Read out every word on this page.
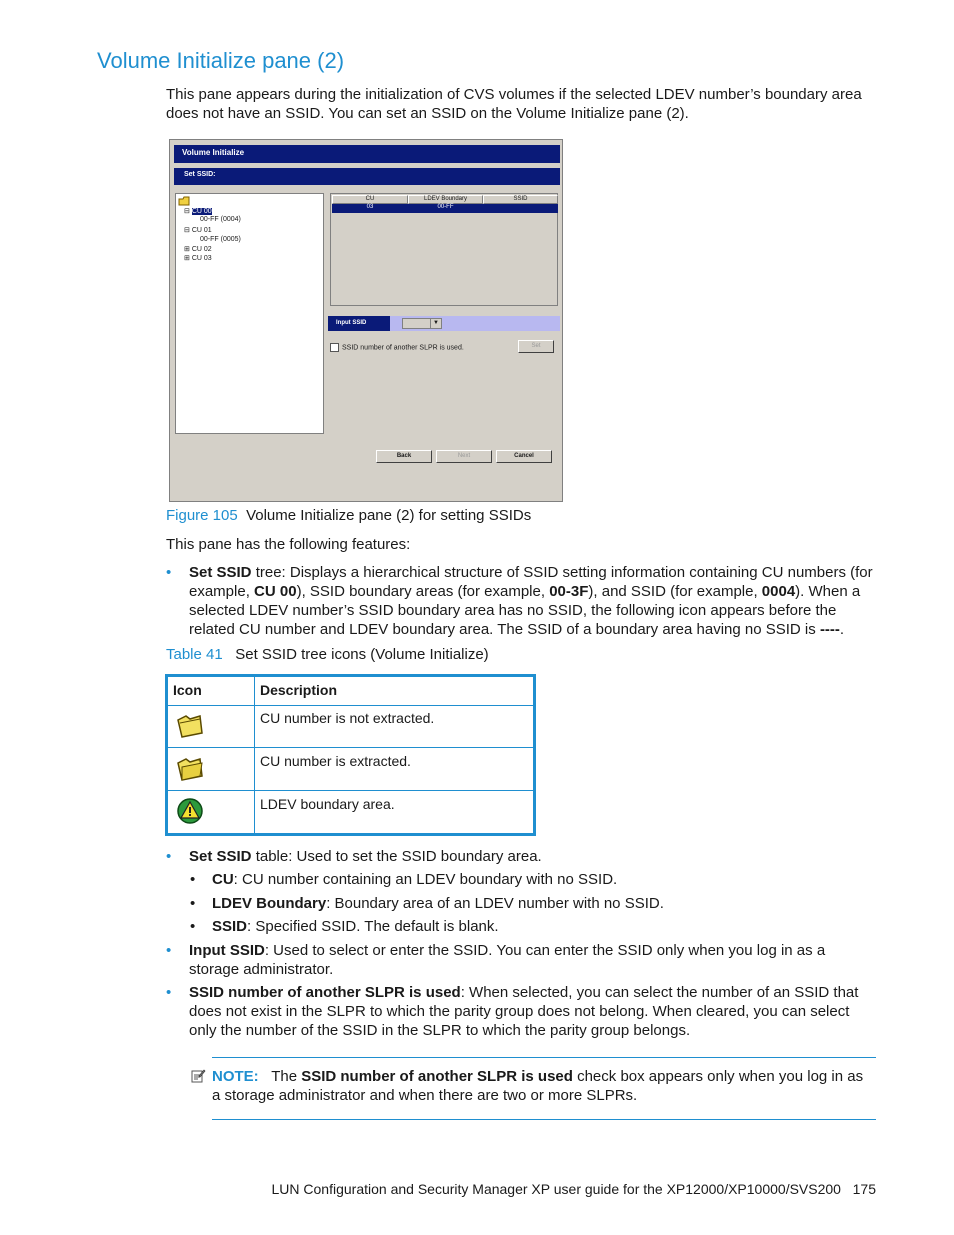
Volume Initialize pane (2)
This pane appears during the initialization of CVS volumes if the selected LDEV number’s boundary area does not have an SSID. You can set an SSID on the Volume Initialize pane (2).
Volume Initialize
Set SSID:
⊟ CU 00
00-FF (0004)
⊟ CU 01
00-FF (0005)
⊞ CU 02
⊞ CU 03
CU	LDEV Boundary	SSID
03	00-FF
Input SSID	▼
SSID number of another SLPR is used.	Set
Back	Next	Cancel
Figure 105 Volume Initialize pane (2) for setting SSIDs
This pane has the following features:
• Set SSID tree: Displays a hierarchical structure of SSID setting information containing CU numbers (for example, CU 00), SSID boundary areas (for example, 00-3F), and SSID (for example, 0004). When a selected LDEV number’s SSID boundary area has no SSID, the following icon appears before the related CU number and LDEV boundary area. The SSID of a boundary area having no SSID is ----.
Table 41 Set SSID tree icons (Volume Initialize)
Icon	Description
CU number is not extracted.
CU number is extracted.
LDEV boundary area.
• Set SSID table: Used to set the SSID boundary area.
• CU: CU number containing an LDEV boundary with no SSID.
• LDEV Boundary: Boundary area of an LDEV number with no SSID.
• SSID: Specified SSID. The default is blank.
• Input SSID: Used to select or enter the SSID. You can enter the SSID only when you log in as a storage administrator.
• SSID number of another SLPR is used: When selected, you can select the number of an SSID that does not exist in the SLPR to which the parity group does not belong. When cleared, you can select only the number of the SSID in the SLPR to which the parity group belongs.
NOTE: The SSID number of another SLPR is used check box appears only when you log in as a storage administrator and when there are two or more SLPRs.
LUN Configuration and Security Manager XP user guide for the XP12000/XP10000/SVS200 175
